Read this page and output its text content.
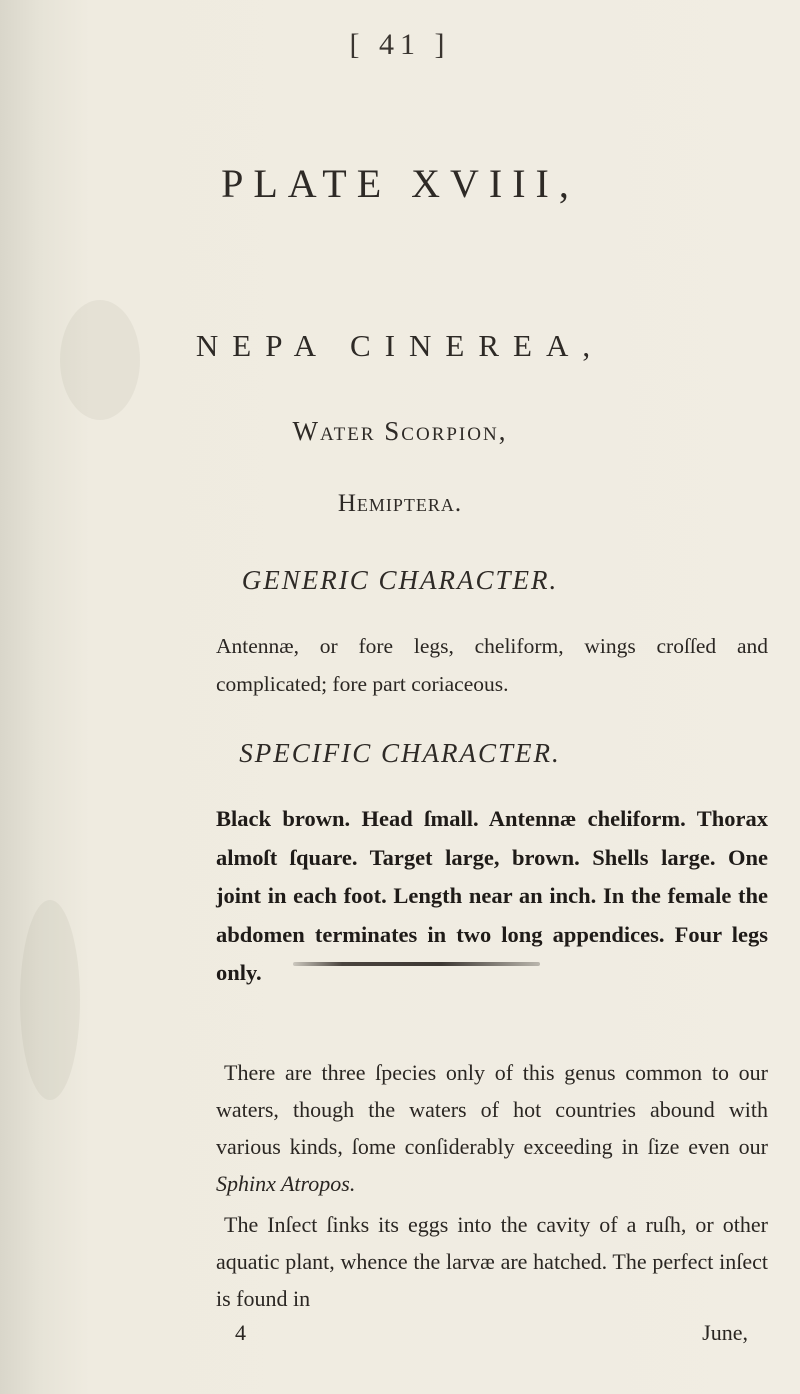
[ 41 ]
PLATE XVIII,
NEPA CINEREA,
Water Scorpion,
Hemiptera.
GENERIC CHARACTER.
Antennæ, or fore legs, cheliform, wings croſſed and complicated; fore part coriaceous.
SPECIFIC CHARACTER.
Black brown. Head ſmall. Antennæ cheliform. Thorax almoſt ſquare. Target large, brown. Shells large. One joint in each foot. Length near an inch. In the female the abdomen terminates in two long appendices. Four legs only.
There are three ſpecies only of this genus common to our waters, though the waters of hot countries abound with various kinds, ſome conſiderably exceeding in ſize even our Sphinx Atropos.
The Inſect ſinks its eggs into the cavity of a ruſh, or other aquatic plant, whence the larvæ are hatched. The perfect inſect is found in
4	June,
